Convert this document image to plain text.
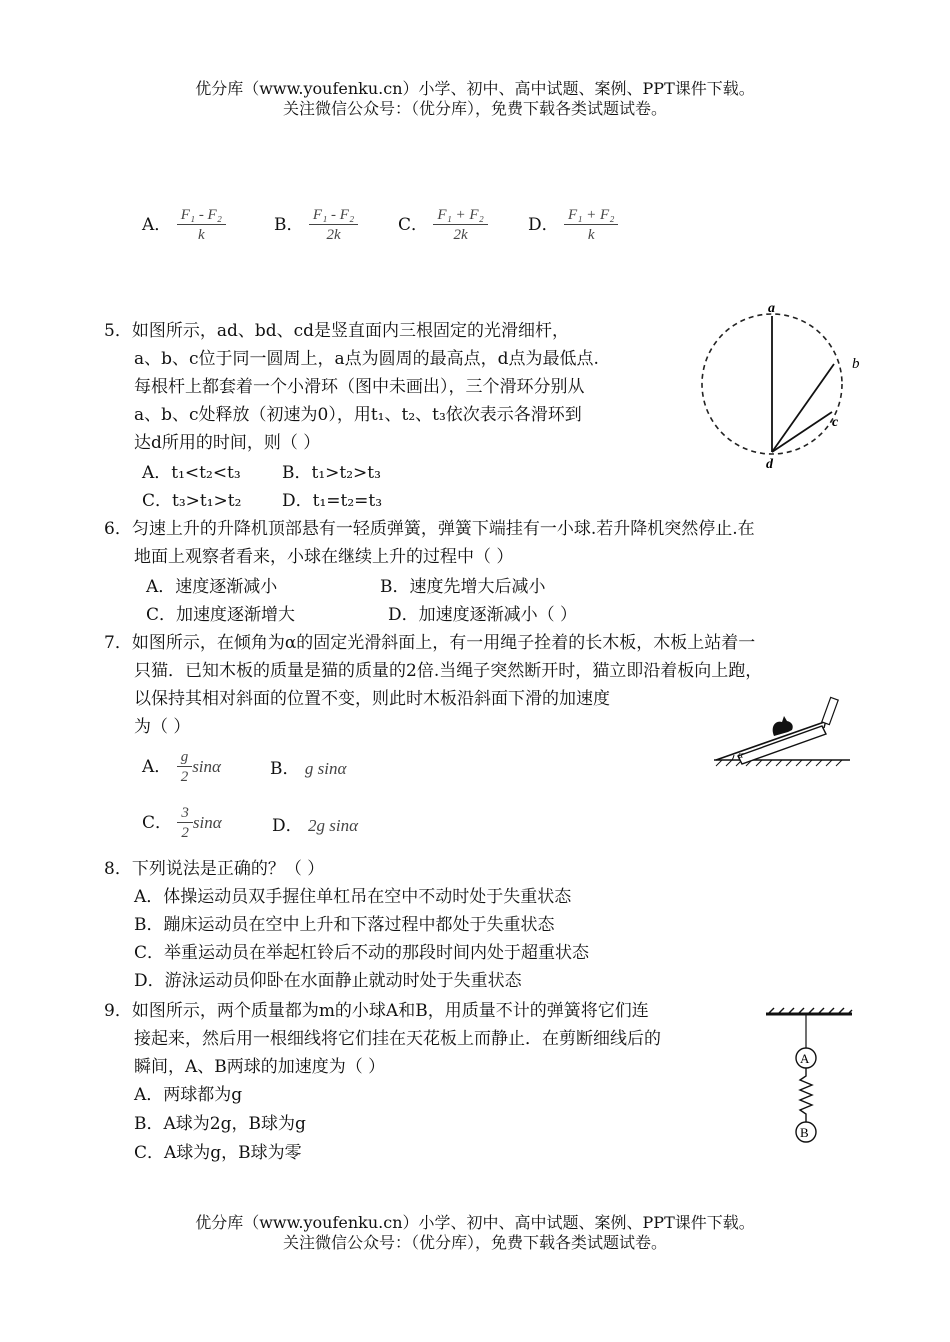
优分库（www.youfenku.cn）小学、初中、高中试题、案例、PPT课件下载。
关注微信公众号：（优分库），免费下载各类试题试卷。
A． $\frac{\text{F₁ - F₂}}{k}$	B． $\frac{\text{F₁ - F₂}}{2k}$ C． $\frac{\text{F₁ + F₂}}{2k}$ D． $\frac{\text{F₁ + F₂}}{k}$
5．如图所示，ad、bd、cd是竖直面内三根固定的光滑细杆，
a、b、c位于同一圆周上，a点为圆周的最高点，d点为最低点.
每根杆上都套着一个小滑环（图中未画出），三个滑环分别从
a、b、c处释放（初速为0），用t₁、t₂、t₃依次表示各滑环到
达d所用的时间，则（ ）
A．t₁<t₂<t₃ B．t₁>t₂>t₃
C．t₃>t₁>t₂ D．t₁=t₂=t₃
a
b
c
d
6．匀速上升的升降机顶部悬有一轻质弹簧，弹簧下端挂有一小球.若升降机突然停止.在
地面上观察者看来，小球在继续上升的过程中（ ）
A．速度逐渐减小	B．速度先增大后减小
C．加速度逐渐增大	D．加速度逐渐减小（ ）
7．如图所示，在倾角为α的固定光滑斜面上，有一用绳子拴着的长木板，木板上站着一
只猫．已知木板的质量是猫的质量的2倍.当绳子突然断开时，猫立即沿着板向上跑，
以保持其相对斜面的位置不变，则此时木板沿斜面下滑的加速度
为（ ）
A． $\frac{g}{2}$ sinα	B． g sinα
C． $\frac{3}{2}$ sinα	D． 2g sinα
α
8．下列说法是正确的？（ ）
A．体操运动员双手握住单杠吊在空中不动时处于失重状态
B．蹦床运动员在空中上升和下落过程中都处于失重状态
C．举重运动员在举起杠铃后不动的那段时间内处于超重状态
D．游泳运动员仰卧在水面静止就动时处于失重状态
9．如图所示，两个质量都为m的小球A和B，用质量不计的弹簧将它们连
接起来，然后用一根细线将它们挂在天花板上而静止．在剪断细线后的
瞬间，A、B两球的加速度为（ ）
A．两球都为g
B．A球为2g，B球为g
C．A球为g，B球为零
A
B
优分库（www.youfenku.cn）小学、初中、高中试题、案例、PPT课件下载。
关注微信公众号：（优分库），免费下载各类试题试卷。
